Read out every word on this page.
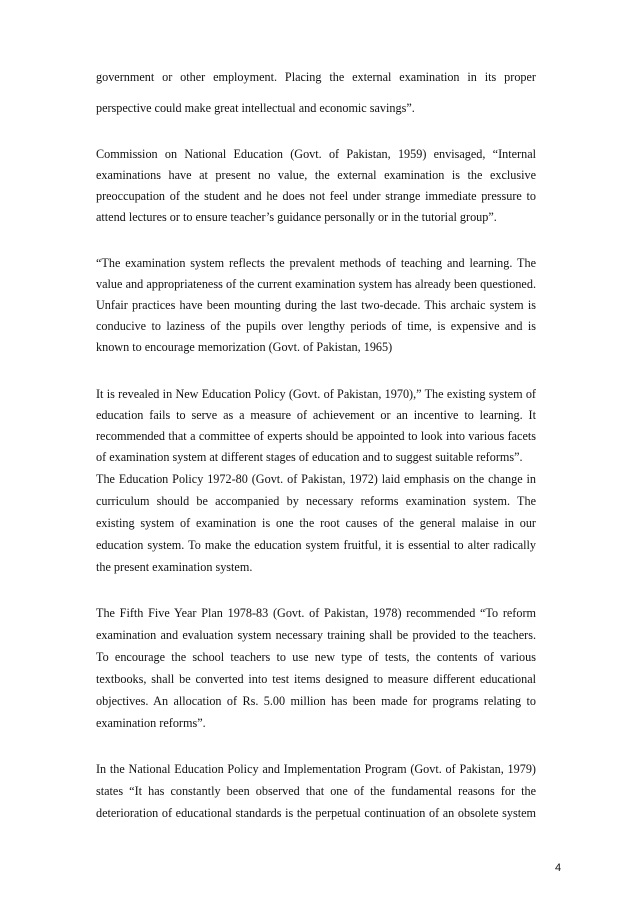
government or other employment. Placing the external examination in its proper
perspective could make great intellectual and economic savings”.
Commission on National Education (Govt. of Pakistan, 1959) envisaged, “Internal
examinations have at present no value, the external examination is the exclusive
preoccupation of the student and he does not feel under strange immediate pressure to
attend lectures or to ensure teacher’s guidance personally or in the tutorial group”.
“The examination system reflects the prevalent methods of teaching and learning. The
value and appropriateness of the current examination system has already been questioned.
Unfair practices have been mounting during the last two-decade. This archaic system is
conducive to laziness of the pupils over lengthy periods of time, is expensive and is
known to encourage memorization (Govt. of Pakistan, 1965)
It is revealed in New Education Policy (Govt. of Pakistan, 1970),” The existing system of
education fails to serve as a measure of achievement or an incentive to learning. It
recommended that a committee of experts should be appointed to look into various facets
of examination system at different stages of education and to suggest suitable reforms”.
The Education Policy 1972-80 (Govt. of Pakistan, 1972) laid emphasis on the change in
curriculum should be accompanied by necessary reforms examination system. The
existing system of examination is one the root causes of the general malaise in our
education system. To make the education system fruitful, it is essential to alter radically
the present examination system.
The Fifth Five Year Plan 1978-83 (Govt. of Pakistan, 1978) recommended “To reform
examination and evaluation system necessary training shall be provided to the teachers.
To encourage the school teachers to use new type of tests, the contents of various
textbooks, shall be converted into test items designed to measure different educational
objectives. An allocation of Rs. 5.00 million has been made for programs relating to
examination reforms”.
In the National Education Policy and Implementation Program (Govt. of Pakistan, 1979)
states “It has constantly been observed that one of the fundamental reasons for the
deterioration of educational standards is the perpetual continuation of an obsolete system
4
